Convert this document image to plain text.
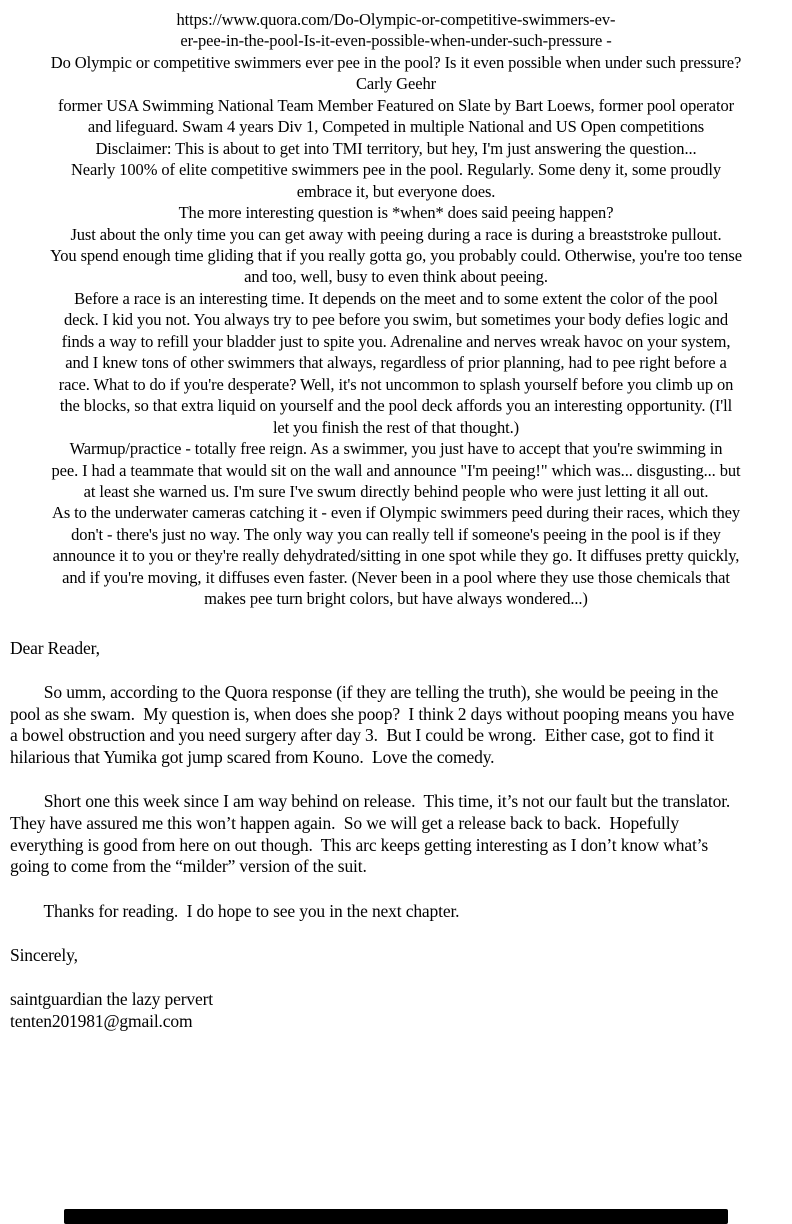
https://www.quora.com/Do-Olympic-or-competitive-swimmers-ev-
er-pee-in-the-pool-Is-it-even-possible-when-under-such-pressure -
Do Olympic or competitive swimmers ever pee in the pool? Is it even possible when under such pressure?
Carly Geehr
former USA Swimming National Team Member Featured on Slate by Bart Loews, former pool operator
and lifeguard. Swam 4 years Div 1, Competed in multiple National and US Open competitions
Disclaimer: This is about to get into TMI territory, but hey, I'm just answering the question...
Nearly 100% of elite competitive swimmers pee in the pool. Regularly. Some deny it, some proudly
embrace it, but everyone does.
The more interesting question is *when* does said peeing happen?
Just about the only time you can get away with peeing during a race is during a breaststroke pullout.
You spend enough time gliding that if you really gotta go, you probably could. Otherwise, you're too tense
and too, well, busy to even think about peeing.
Before a race is an interesting time. It depends on the meet and to some extent the color of the pool
deck. I kid you not. You always try to pee before you swim, but sometimes your body defies logic and
finds a way to refill your bladder just to spite you. Adrenaline and nerves wreak havoc on your system,
and I knew tons of other swimmers that always, regardless of prior planning, had to pee right before a
race. What to do if you're desperate? Well, it's not uncommon to splash yourself before you climb up on
the blocks, so that extra liquid on yourself and the pool deck affords you an interesting opportunity. (I'll
let you finish the rest of that thought.)
Warmup/practice - totally free reign. As a swimmer, you just have to accept that you're swimming in
pee. I had a teammate that would sit on the wall and announce "I'm peeing!" which was... disgusting... but
at least she warned us. I'm sure I've swum directly behind people who were just letting it all out.
As to the underwater cameras catching it - even if Olympic swimmers peed during their races, which they
don't - there's just no way. The only way you can really tell if someone's peeing in the pool is if they
announce it to you or they're really dehydrated/sitting in one spot while they go. It diffuses pretty quickly,
and if you're moving, it diffuses even faster. (Never been in a pool where they use those chemicals that
makes pee turn bright colors, but have always wondered...)
Dear Reader,
So umm, according to the Quora response (if they are telling the truth), she would be peeing in the
pool as she swam.  My question is, when does she poop?  I think 2 days without pooping means you have
a bowel obstruction and you need surgery after day 3.  But I could be wrong.  Either case, got to find it
hilarious that Yumika got jump scared from Kouno.  Love the comedy.
Short one this week since I am way behind on release.  This time, it’s not our fault but the translator.
They have assured me this won’t happen again.  So we will get a release back to back.  Hopefully
everything is good from here on out though.  This arc keeps getting interesting as I don’t know what’s
going to come from the “milder” version of the suit.
Thanks for reading.  I do hope to see you in the next chapter.
Sincerely,
saintguardian the lazy pervert
tenten201981@gmail.com
